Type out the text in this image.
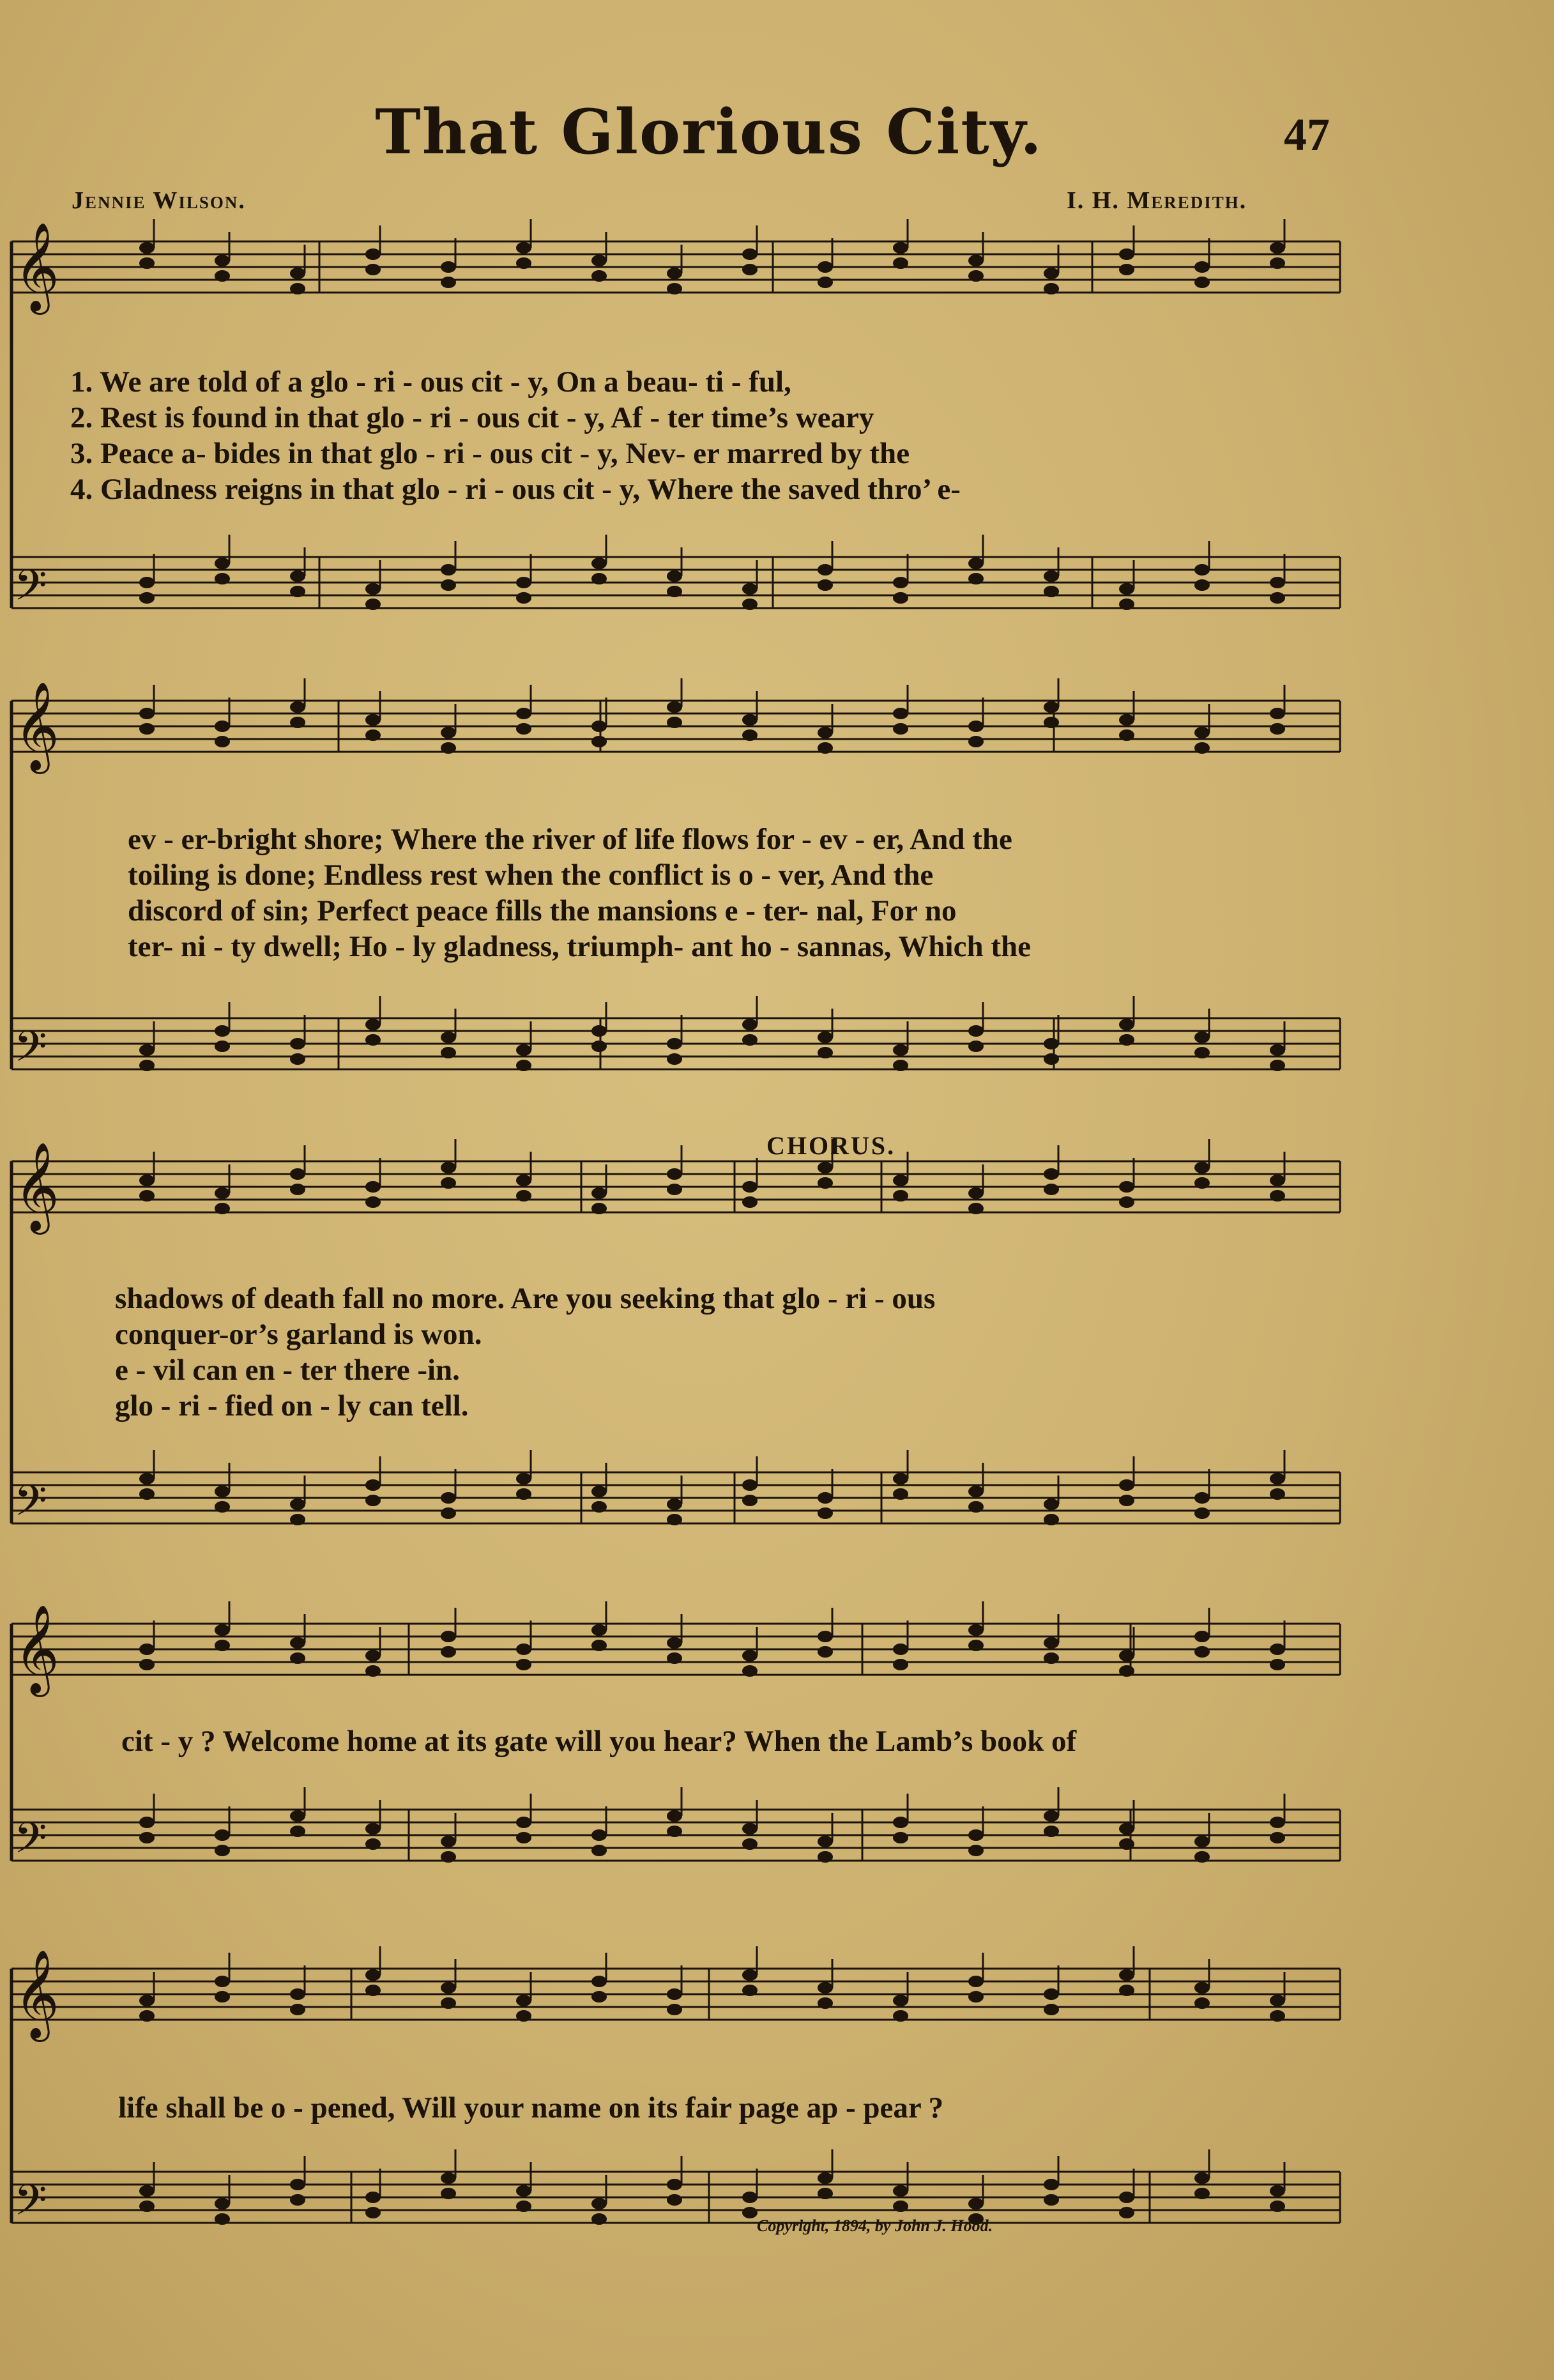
That Glorious City.	47
Jennie Wilson.	I. H. Meredith.
𝄞
𝄢
𝄞
𝄢
𝄞
𝄢
𝄞
𝄢
𝄞
𝄢
1. We are told of a glo - ri - ous cit - y, On a beau- ti - ful,
2. Rest is found in that glo - ri - ous cit - y, Af - ter time’s weary
3. Peace a- bides in that glo - ri - ous cit - y, Nev- er marred by the
4. Gladness reigns in that glo - ri - ous cit - y, Where the saved thro’ e-
ev - er-bright shore; Where the river of life flows for - ev - er, And the
toiling is done; Endless rest when the conflict is o - ver, And the
discord of sin; Perfect peace fills the mansions e - ter- nal, For no
ter- ni - ty dwell; Ho - ly gladness, triumph- ant ho - sannas, Which the
CHORUS.
shadows of death fall no more. Are you seeking that glo - ri - ous
conquer-or’s garland is won.
e - vil can en - ter there -in.
glo - ri - fied on - ly can tell.
cit - y ? Welcome home at its gate will you hear? When the Lamb’s book of
life shall be o - pened, Will your name on its fair page ap - pear ?
Copyright, 1894, by John J. Hood.
